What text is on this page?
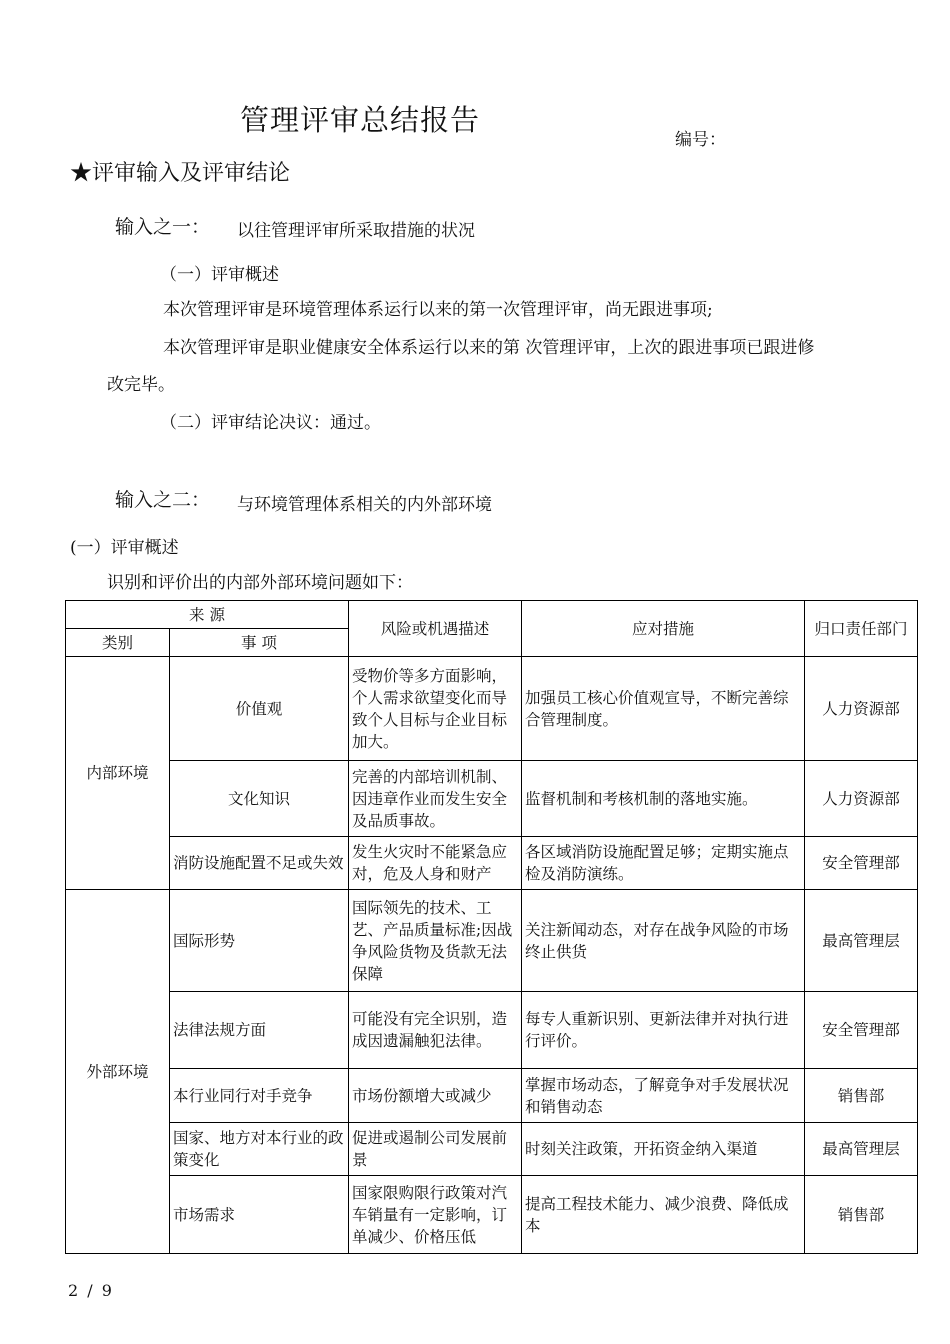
管理评审总结报告
编号：
★评审输入及评审结论
输入之一： 以往管理评审所采取措施的状况
（一）评审概述
本次管理评审是环境管理体系运行以来的第一次管理评审，尚无跟进事项;
本次管理评审是职业健康安全体系运行以来的第 次管理评审，上次的跟进事项已跟进修
改完毕。
（二）评审结论决议：通过。
输入之二： 与环境管理体系相关的内外部环境
(一）评审概述
识别和评价出的内部外部环境问题如下：
来 源		风险或机遇描述	应对措施	归口责任部门
类别	事 项			
内部环境	价值观	受物价等多方面影响，个人需求欲望变化而导致个人目标与企业目标加大。	加强员工核心价值观宣导，不断完善综合管理制度。	人力资源部
	文化知识	完善的内部培训机制、因违章作业而发生安全及品质事故。	监督机制和考核机制的落地实施。	人力资源部
	消防设施配置不足或失效	发生火灾时不能紧急应对，危及人身和财产	各区域消防设施配置足够；定期实施点检及消防演练。	安全管理部
外部环境	国际形势	国际领先的技术、工艺、产品质量标准;因战争风险货物及货款无法保障	关注新闻动态，对存在战争风险的市场终止供货	最高管理层
	法律法规方面	可能没有完全识别，造成因遗漏触犯法律。	每专人重新识别、更新法律并对执行进行评价。	安全管理部
	本行业同行对手竞争	市场份额增大或减少	掌握市场动态，了解竟争对手发展状况和销售动态	销售部
	国家、地方对本行业的政策变化	促进或遏制公司发展前景	时刻关注政策，开拓资金纳入渠道	最高管理层
	市场需求	国家限购限行政策对汽车销量有一定影响，订单减少、价格压低	提高工程技术能力、减少浪费、降低成本	销售部
2 / 9
